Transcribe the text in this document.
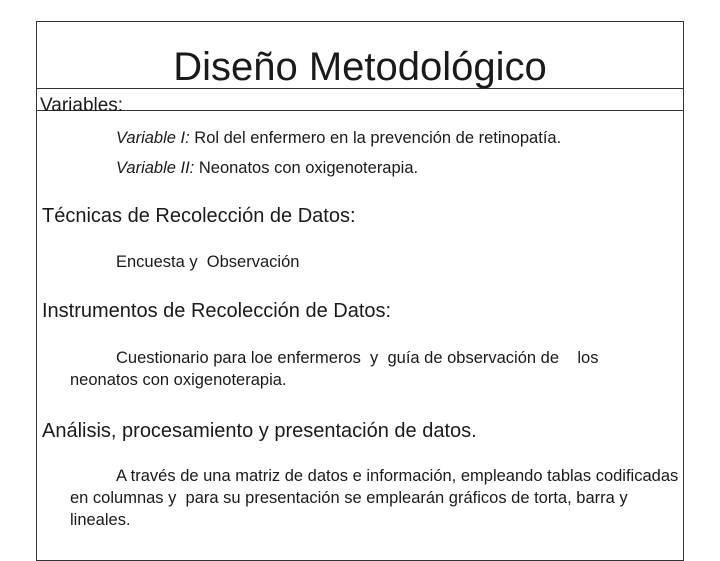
Diseño Metodológico

Variables:

Variable I: Rol del enfermero en la prevención de retinopatía.

Variable II: Neonatos con oxigenoterapia.

Técnicas de Recolección de Datos:

Encuesta y  Observación

Instrumentos de Recolección de Datos:

Cuestionario para loe enfermeros  y  guía de observación de    los neonatos con oxigenoterapia.

Análisis, procesamiento y presentación de datos.

A través de una matriz de datos e información, empleando tablas codificadas en columnas y  para su presentación se emplearán gráficos de torta, barra y lineales.
